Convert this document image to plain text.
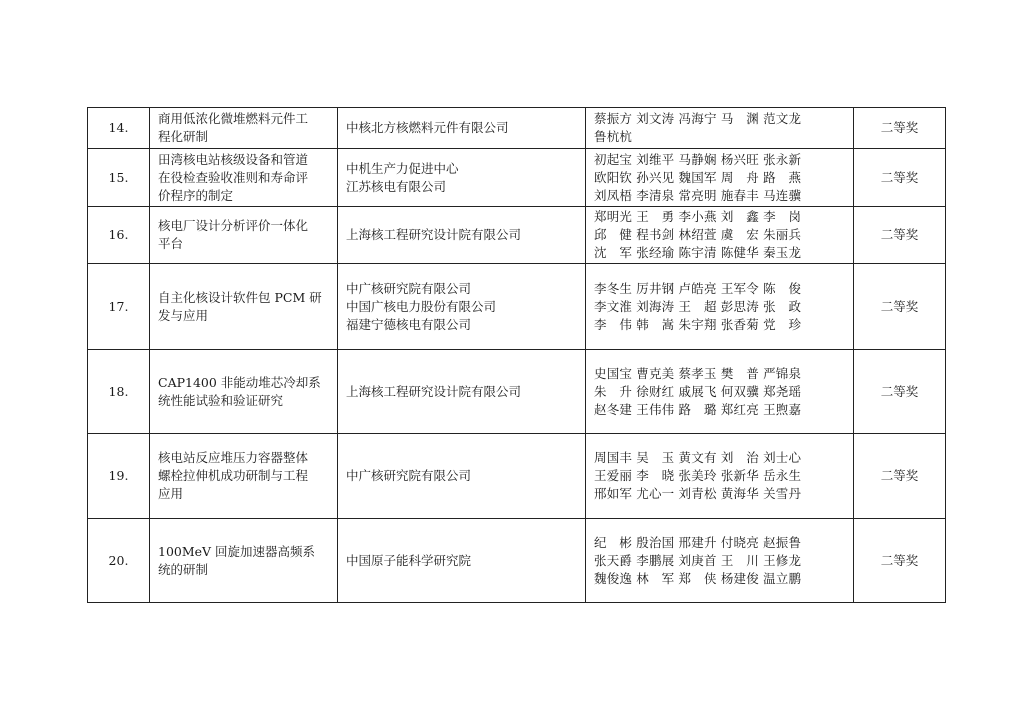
14.	商用低浓化微堆燃料元件工
程化研制	中核北方核燃料元件有限公司	蔡振方 刘文涛 冯海宁 马　渊 范文龙
鲁杭杭	二等奖
15.	田湾核电站核级设备和管道
在役检查验收准则和寿命评
价程序的制定	中机生产力促进中心
江苏核电有限公司	初起宝 刘维平 马静娴 杨兴旺 张永新
欧阳钦 孙兴见 魏国军 周　舟 路　燕
刘凤梧 李清泉 常亮明 施春丰 马连骥	二等奖
16.	核电厂设计分析评价一体化
平台	上海核工程研究设计院有限公司	郑明光 王　勇 李小燕 刘　鑫 李　岗
邱　健 程书剑 林绍萱 虞　宏 朱丽兵
沈　军 张经瑜 陈宇清 陈健华 秦玉龙	二等奖
17.	自主化核设计软件包 PCM 研
发与应用	中广核研究院有限公司
中国广核电力股份有限公司
福建宁德核电有限公司	李冬生 厉井钢 卢皓亮 王军令 陈　俊
李文淮 刘海涛 王　超 彭思涛 张　政
李　伟 韩　嵩 朱宇翔 张香菊 党　珍	二等奖
18.	CAP1400 非能动堆芯冷却系
统性能试验和验证研究	上海核工程研究设计院有限公司	史国宝 曹克美 蔡孝玉 樊　普 严锦泉
朱　升 徐财红 戚展飞 何双骥 郑尧瑶
赵冬建 王伟伟 路　璐 郑红亮 王煦嘉	二等奖
19.	核电站反应堆压力容器整体
螺栓拉伸机成功研制与工程
应用	中广核研究院有限公司	周国丰 吴　玉 黄文有 刘　治 刘士心
王爱丽 李　晓 张美玲 张新华 岳永生
邢如军 尤心一 刘青松 黄海华 关雪丹	二等奖
20.	100MeV 回旋加速器高频系
统的研制	中国原子能科学研究院	纪　彬 殷治国 邢建升 付晓亮 赵振鲁
张天爵 李鹏展 刘庚首 王　川 王修龙
魏俊逸 林　军 郑　侠 杨建俊 温立鹏	二等奖
